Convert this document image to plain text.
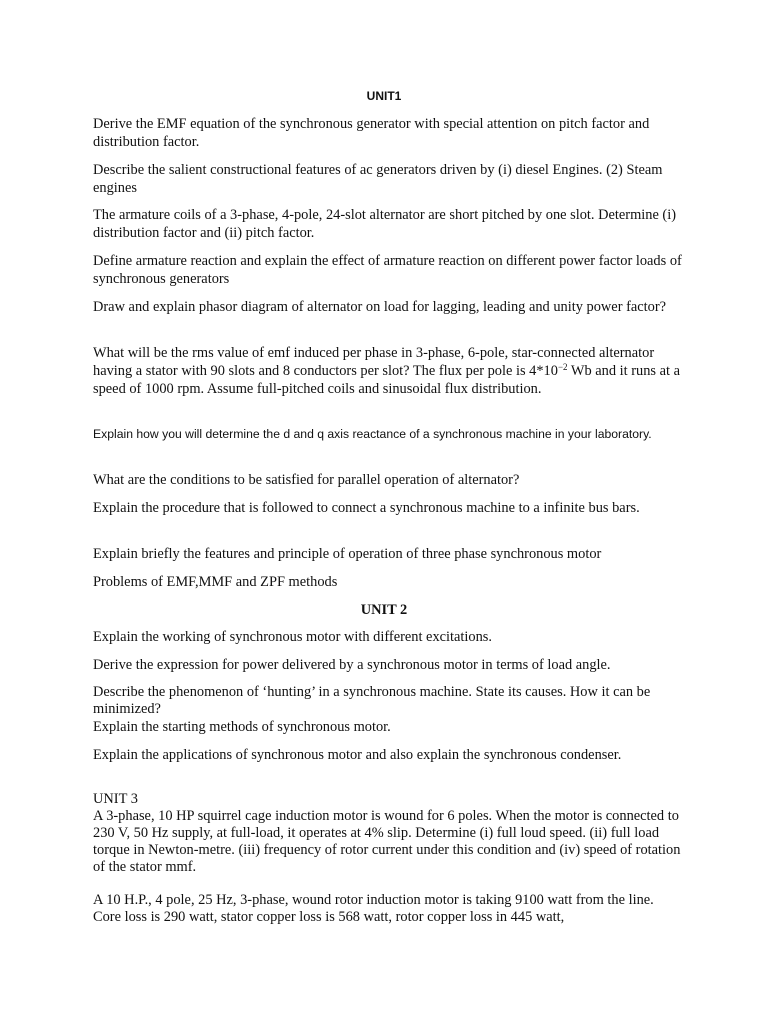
UNIT1

Derive the EMF equation of the synchronous generator with special attention on pitch factor and distribution factor.

Describe the salient constructional features of ac generators driven by (i) diesel Engines. (2) Steam engines

The armature coils of a 3-phase, 4-pole, 24-slot alternator are short pitched by one slot. Determine (i) distribution factor and (ii) pitch factor.

Define armature reaction and explain the effect of armature reaction on different power factor loads of synchronous generators

Draw and explain phasor diagram of alternator on load for lagging, leading and unity power factor?

What will be the rms value of emf induced per phase in 3-phase, 6-pole, star-connected alternator having a stator with 90 slots and 8 conductors per slot? The flux per pole is $4*10^{-2}$ Wb and it runs at a speed of 1000 rpm. Assume full-pitched coils and sinusoidal flux distribution.

Explain how you will determine the d and q axis reactance of a synchronous machine in your laboratory.

What are the conditions to be satisfied for parallel operation of alternator?

Explain the procedure that is followed to connect a synchronous machine to a infinite bus bars.

Explain briefly the features and principle of operation of three phase synchronous motor

Problems of EMF,MMF and ZPF methods

UNIT 2

Explain the working of synchronous motor with different excitations.

Derive the expression for power delivered by a synchronous motor in terms of load angle.

Describe the phenomenon of ‘hunting’ in a synchronous machine. State its causes. How it can be minimized?

Explain the starting methods of synchronous motor.

Explain the applications of synchronous motor and also explain the synchronous condenser.

UNIT 3

A 3-phase, 10 HP squirrel cage induction motor is wound for 6 poles. When the motor is connected to 230 V, 50 Hz supply, at full-load, it operates at 4% slip. Determine (i) full loud speed. (ii) full load torque in Newton-metre. (iii) frequency of rotor current under this condition and (iv) speed of rotation of the stator mmf.

A 10 H.P., 4 pole, 25 Hz, 3-phase, wound rotor induction motor is taking 9100 watt from the line. Core loss is 290 watt, stator copper loss is 568 watt, rotor copper loss in 445 watt,
